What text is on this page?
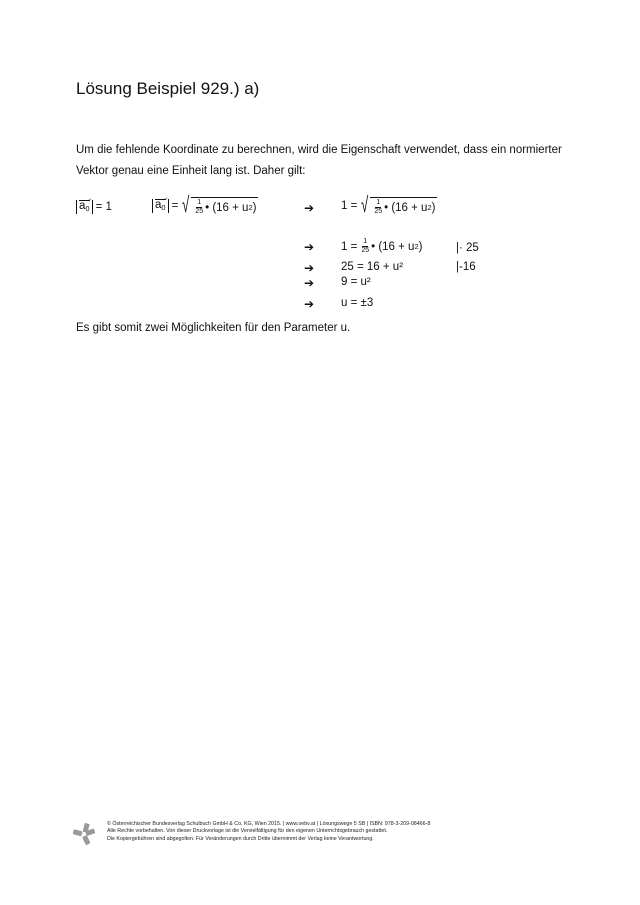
Lösung Beispiel 929.) a)
Um die fehlende Koordinate zu berechnen, wird die Eigenschaft verwendet, dass ein normierter
Vektor genau eine Einheit lang ist. Daher gilt:
$a_0$
→
= 1	$a_0$
→
= √ $\frac{1}{25}$ • (16 + u 2 )	➔ 1 = √ $\frac{1}{25}$ • (16 + u 2 )
➔ $1 = \frac{1}{25}$ • (16 + u 2 )	|· 25
➔ 25 = 16 + u²	|-16
➔ 9 = u²
➔ u = ±3
Es gibt somit zwei Möglichkeiten für den Parameter u.
© Österreichischer Bundesverlag Schulbuch GmbH & Co. KG, Wien 2015. | www.oebv.at | Lösungswege 5 SB | ISBN: 978-3-209-08466-8
Alle Rechte vorbehalten. Von dieser Druckvorlage ist die Vervielfältigung für den eigenen Unterrichtsgebrauch gestattet.
Die Kopiergebühren sind abgegolten. Für Veränderungen durch Dritte übernimmt der Verlag keine Verantwortung.
